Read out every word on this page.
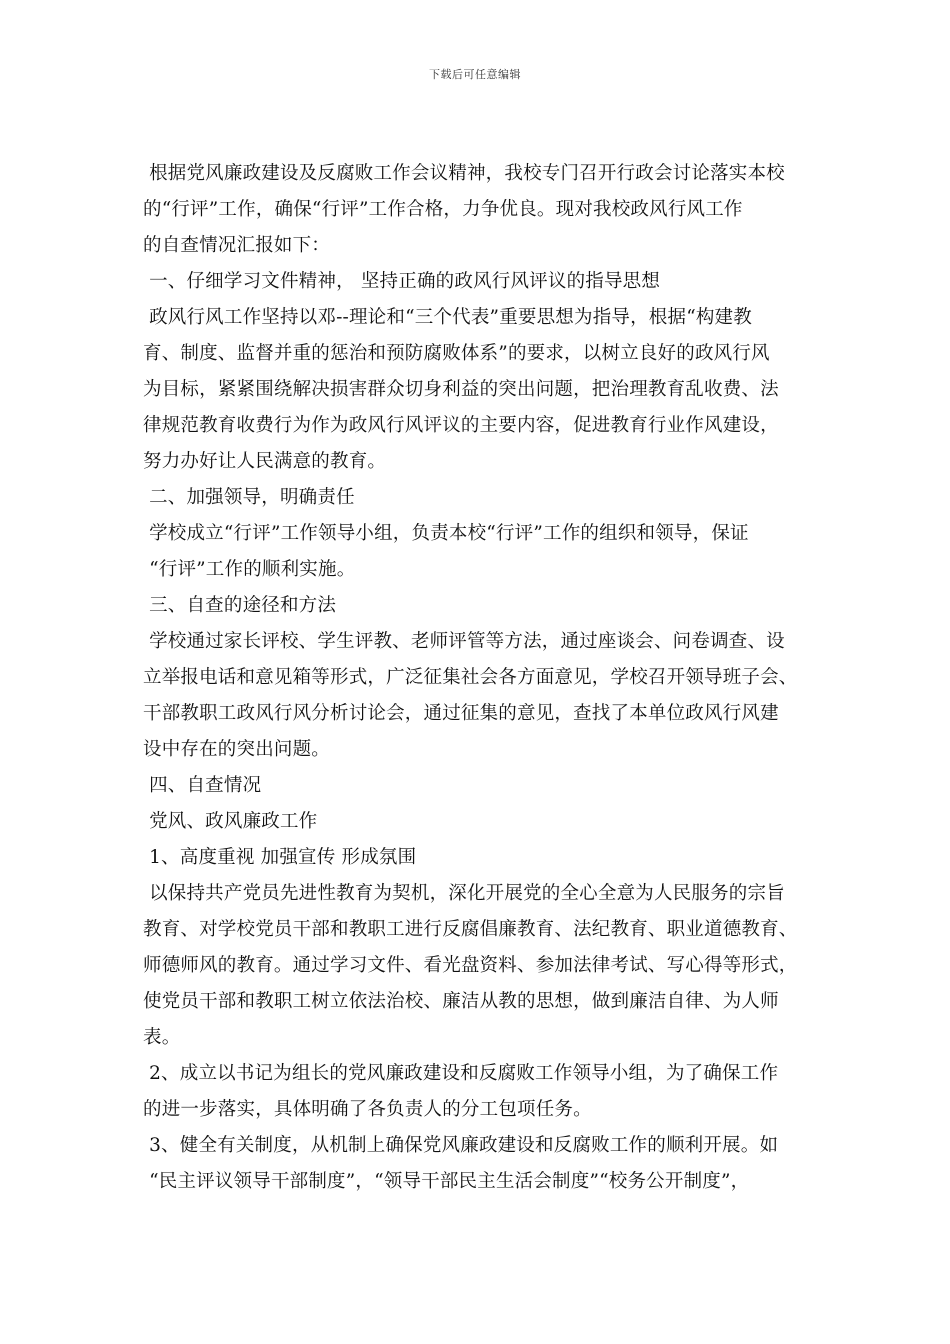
下载后可任意编辑
根据党风廉政建设及反腐败工作会议精神，我校专门召开行政会讨论落实本校
的“行评”工作，确保“行评”工作合格，力争优良。现对我校政风行风工作
的自查情况汇报如下：
一、仔细学习文件精神， 坚持正确的政风行风评议的指导思想
政风行风工作坚持以邓--理论和“三个代表”重要思想为指导，根据“构建教
育、制度、监督并重的惩治和预防腐败体系”的要求，以树立良好的政风行风
为目标，紧紧围绕解决损害群众切身利益的突出问题，把治理教育乱收费、法
律规范教育收费行为作为政风行风评议的主要内容，促进教育行业作风建设，
努力办好让人民满意的教育。
二、加强领导，明确责任
学校成立“行评”工作领导小组，负责本校“行评”工作的组织和领导，保证
“行评”工作的顺利实施。
三、自查的途径和方法
学校通过家长评校、学生评教、老师评管等方法，通过座谈会、问卷调查、设
立举报电话和意见箱等形式，广泛征集社会各方面意见，学校召开领导班子会、
干部教职工政风行风分析讨论会，通过征集的意见，查找了本单位政风行风建
设中存在的突出问题。
四、自查情况
党风、政风廉政工作
1、高度重视 加强宣传 形成氛围
以保持共产党员先进性教育为契机，深化开展党的全心全意为人民服务的宗旨
教育、对学校党员干部和教职工进行反腐倡廉教育、法纪教育、职业道德教育、
师德师风的教育。通过学习文件、看光盘资料、参加法律考试、写心得等形式，
使党员干部和教职工树立依法治校、廉洁从教的思想，做到廉洁自律、为人师
表。
2、成立以书记为组长的党风廉政建设和反腐败工作领导小组，为了确保工作
的进一步落实，具体明确了各负责人的分工包项任务。
3、健全有关制度，从机制上确保党风廉政建设和反腐败工作的顺利开展。如
“民主评议领导干部制度”，“领导干部民主生活会制度”“校务公开制度”，
